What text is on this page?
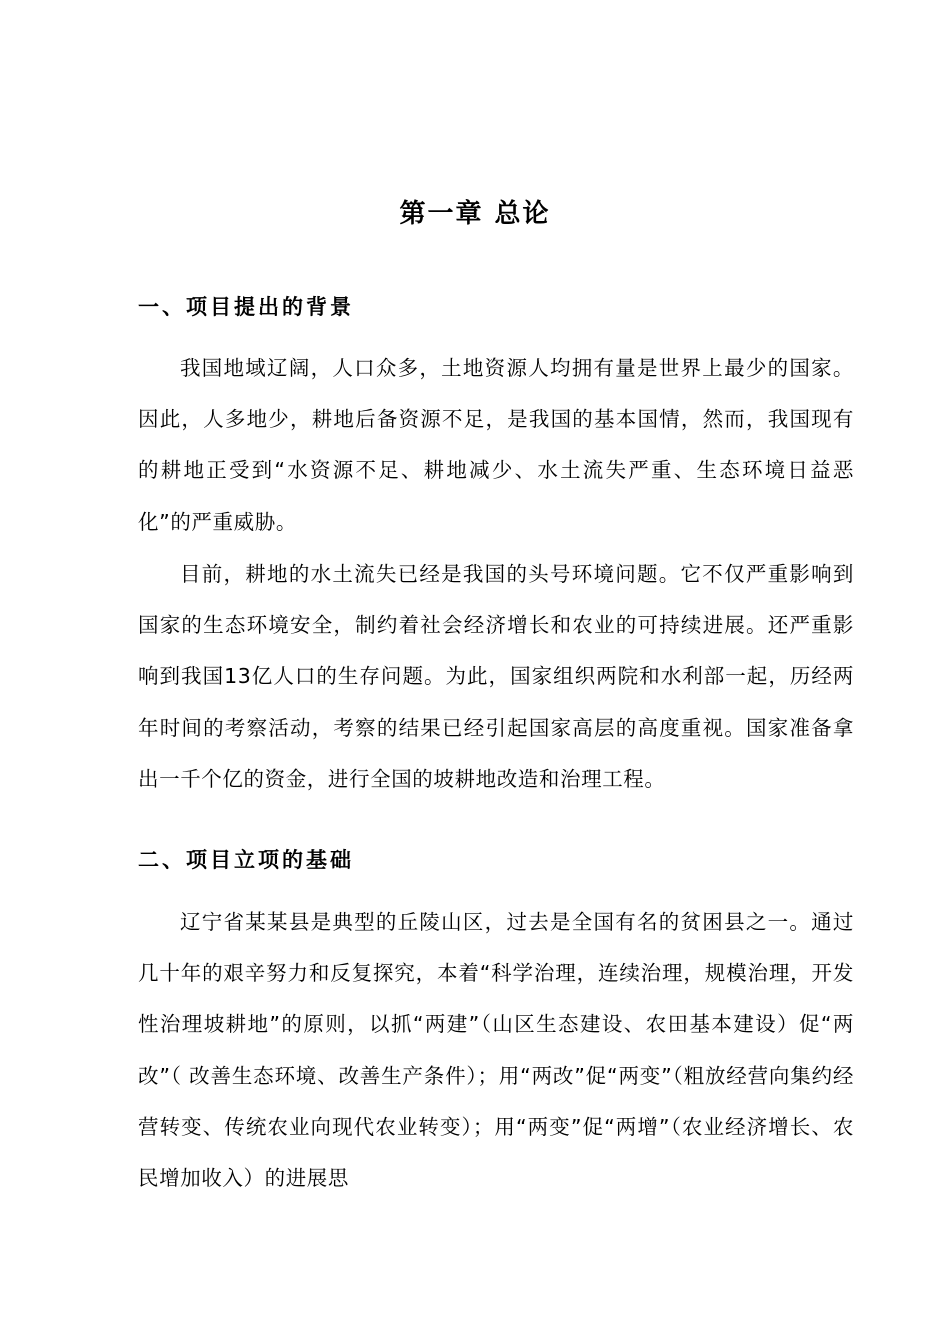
第一章 总论
一、项目提出的背景

我国地域辽阔，人口众多，土地资源人均拥有量是世界上最少的国家。因此，人多地少，耕地后备资源不足，是我国的基本国情，然而，我国现有的耕地正受到“水资源不足、耕地减少、水土流失严重、生态环境日益恶化”的严重威胁。

目前，耕地的水土流失已经是我国的头号环境问题。它不仅严重影响到国家的生态环境安全，制约着社会经济增长和农业的可持续进展。还严重影响到我国13亿人口的生存问题。为此，国家组织两院和水利部一起，历经两年时间的考察活动，考察的结果已经引起国家高层的高度重视。国家准备拿出一千个亿的资金，进行全国的坡耕地改造和治理工程。

二、项目立项的基础

辽宁省某某县是典型的丘陵山区，过去是全国有名的贫困县之一。通过几十年的艰辛努力和反复探究，本着“科学治理，连续治理，规模治理，开发性治理坡耕地”的原则，以抓“两建”（山区生态建设、农田基本建设）促“两改”（ 改善生态环境、改善生产条件）；用“两改”促“两变”（粗放经营向集约经营转变、传统农业向现代农业转变）；用“两变”促“两增”（农业经济增长、农民增加收入）的进展思
